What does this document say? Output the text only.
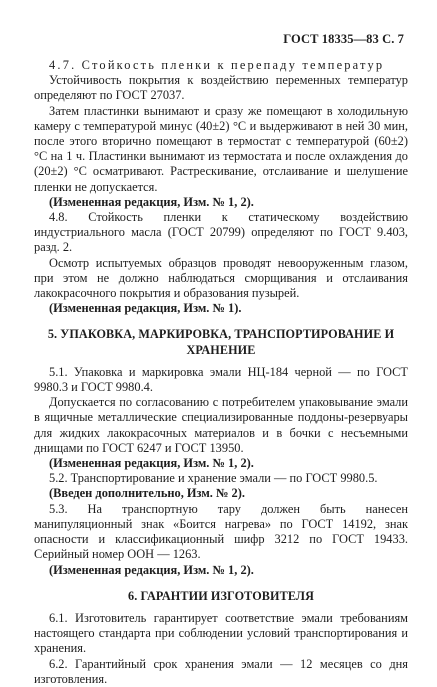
ГОСТ 18335—83 С. 7

4.7. Стойкость пленки к перепаду температур

Устойчивость покрытия к воздействию переменных температур определяют по ГОСТ 27037.

Затем пластинки вынимают и сразу же помещают в холодильную камеру с температурой минус (40±2) °С и выдерживают в ней 30 мин, после этого вторично помещают в термостат с температурой (60±2) °С на 1 ч. Пластинки вынимают из термостата и после охлаждения до (20±2) °С осматривают. Растрескивание, отслаивание и шелушение пленки не допускается.

(Измененная редакция, Изм. № 1, 2).

4.8. Стойкость пленки к статическому воздействию индустриального масла (ГОСТ 20799) определяют по ГОСТ 9.403, разд. 2.

Осмотр испытуемых образцов проводят невооруженным глазом, при этом не должно наблюдаться сморщивания и отслаивания лакокрасочного покрытия и образования пузырей.

(Измененная редакция, Изм. № 1).

5. УПАКОВКА, МАРКИРОВКА, ТРАНСПОРТИРОВАНИЕ И ХРАНЕНИЕ

5.1. Упаковка и маркировка эмали НЦ-184 черной — по ГОСТ 9980.3 и ГОСТ 9980.4.

Допускается по согласованию с потребителем упаковывание эмали в ящичные металлические специализированные поддоны-резервуары для жидких лакокрасочных материалов и в бочки с несъемными днищами по ГОСТ 6247 и ГОСТ 13950.

(Измененная редакция, Изм. № 1, 2).

5.2. Транспортирование и хранение эмали — по ГОСТ 9980.5.

(Введен дополнительно, Изм. № 2).

5.3. На транспортную тару должен быть нанесен манипуляционный знак «Боится нагрева» по ГОСТ 14192, знак опасности и классификационный шифр 3212 по ГОСТ 19433. Серийный номер ООН — 1263.

(Измененная редакция, Изм. № 1, 2).

6. ГАРАНТИИ ИЗГОТОВИТЕЛЯ

6.1. Изготовитель гарантирует соответствие эмали требованиям настоящего стандарта при соблюдении условий транспортирования и хранения.

6.2. Гарантийный срок хранения эмали — 12 месяцев со дня изготовления.
